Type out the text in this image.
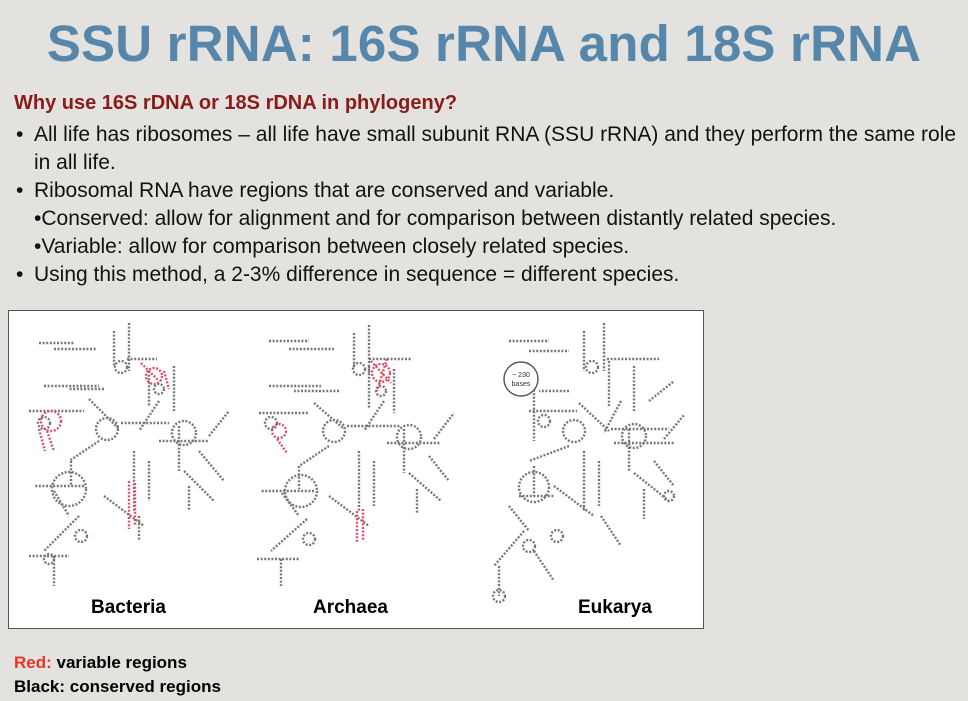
SSU rRNA: 16S rRNA and 18S rRNA
Why use 16S rDNA or 18S rDNA in phylogeny?
• All life has ribosomes – all life have small subunit RNA (SSU rRNA) and they perform the same role in all life.
• Ribosomal RNA have regions that are conserved and variable.
•Conserved: allow for alignment and for comparison between distantly related species.
•Variable: allow for comparison between closely related species.
• Using this method, a 2-3% difference in sequence = different species.
~ 230
bases
Bacteria	Archaea	Eukarya
Red: variable regions
Black: conserved regions
